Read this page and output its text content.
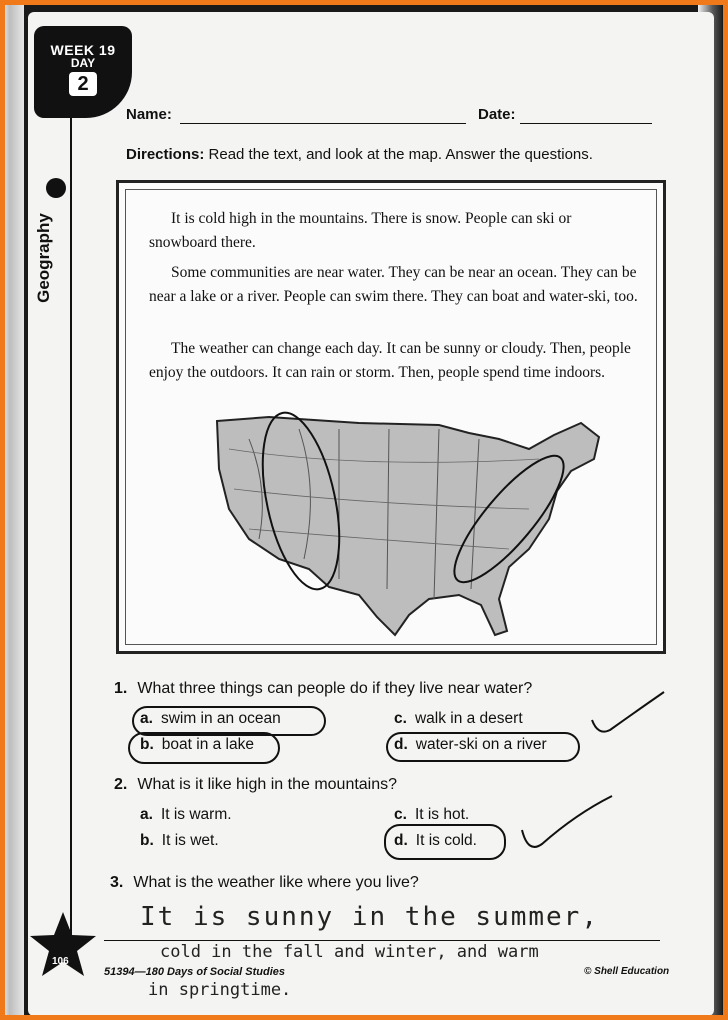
WEEK 19
DAY
2
Geography
Name:	Date:
Directions: Read the text, and look at the map. Answer the questions.
It is cold high in the mountains. There is snow. People can ski or snowboard there.
Some communities are near water. They can be near an ocean. They can be near a lake or a river. People can swim there. They can boat and water-ski, too.
The weather can change each day. It can be sunny or cloudy. Then, people enjoy the outdoors. It can rain or storm. Then, people spend time indoors.
1. What three things can people do if they live near water?
a. swim in an ocean
b. boat in a lake
c. walk in a desert
d. water-ski on a river
2. What is it like high in the mountains?
a. It is warm.
b. It is wet.
c. It is hot.
d. It is cold.
3. What is the weather like where you live?
It is sunny in the summer,
cold in the fall and winter, and warm
in springtime.
106
51394—180 Days of Social Studies	© Shell Education
